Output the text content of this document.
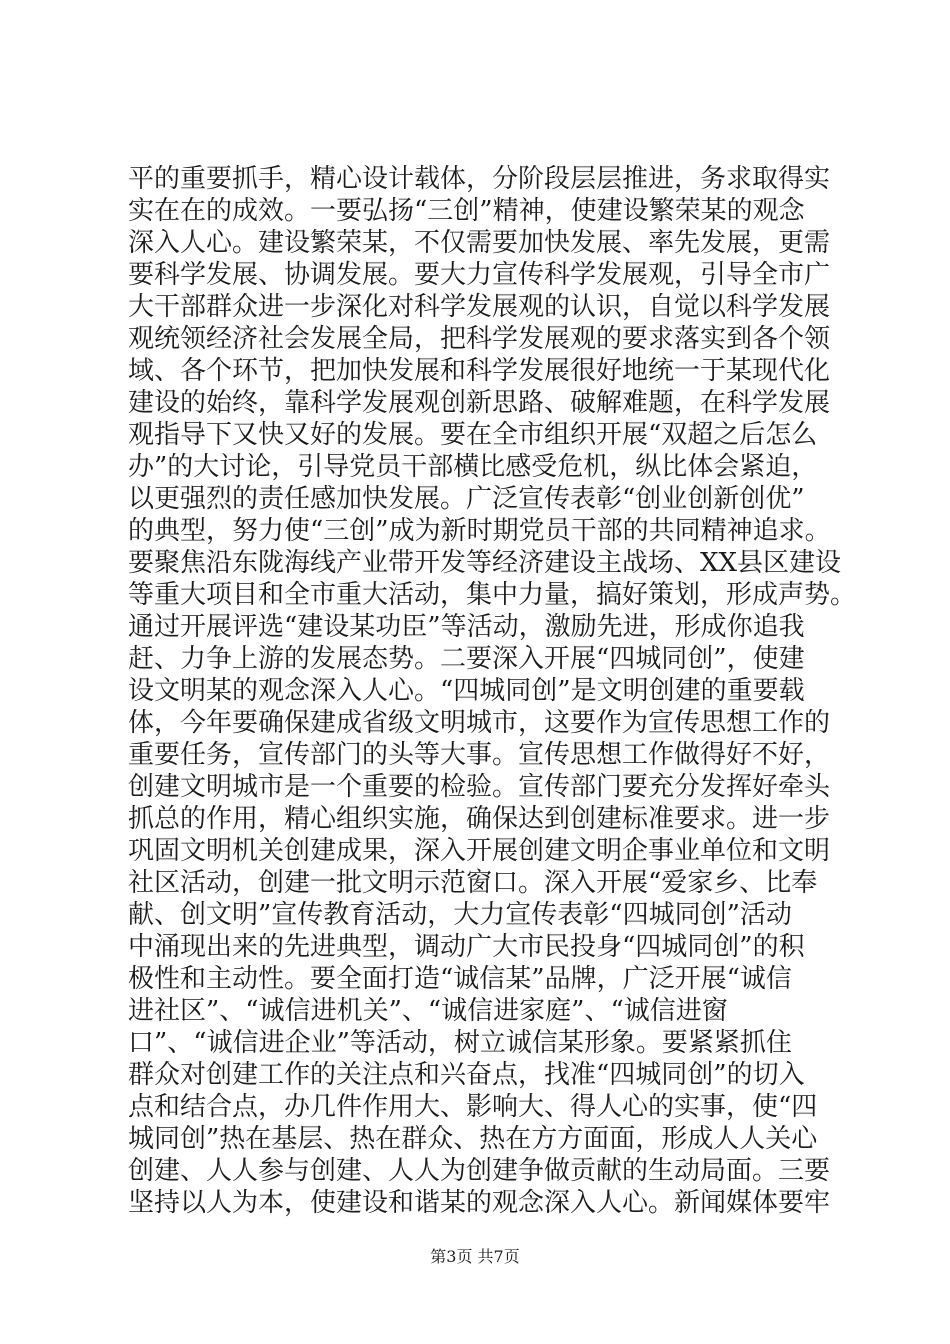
平的重要抓手，精心设计载体，分阶段层层推进，务求取得实
实在在的成效。一要弘扬“三创”精神，使建设繁荣某的观念
深入人心。建设繁荣某，不仅需要加快发展、率先发展，更需
要科学发展、协调发展。要大力宣传科学发展观，引导全市广
大干部群众进一步深化对科学发展观的认识，自觉以科学发展
观统领经济社会发展全局，把科学发展观的要求落实到各个领
域、各个环节，把加快发展和科学发展很好地统一于某现代化
建设的始终，靠科学发展观创新思路、破解难题，在科学发展
观指导下又快又好的发展。要在全市组织开展“双超之后怎么
办”的大讨论，引导党员干部横比感受危机，纵比体会紧迫，
以更强烈的责任感加快发展。广泛宣传表彰“创业创新创优”
的典型，努力使“三创”成为新时期党员干部的共同精神追求。
要聚焦沿东陇海线产业带开发等经济建设主战场、XX县区建设
等重大项目和全市重大活动，集中力量，搞好策划，形成声势。
通过开展评选“建设某功臣”等活动，激励先进，形成你追我
赶、力争上游的发展态势。二要深入开展“四城同创”，使建
设文明某的观念深入人心。“四城同创”是文明创建的重要载
体，今年要确保建成省级文明城市，这要作为宣传思想工作的
重要任务，宣传部门的头等大事。宣传思想工作做得好不好，
创建文明城市是一个重要的检验。宣传部门要充分发挥好牵头
抓总的作用，精心组织实施，确保达到创建标准要求。进一步
巩固文明机关创建成果，深入开展创建文明企事业单位和文明
社区活动，创建一批文明示范窗口。深入开展“爱家乡、比奉
献、创文明”宣传教育活动，大力宣传表彰“四城同创”活动
中涌现出来的先进典型，调动广大市民投身“四城同创”的积
极性和主动性。要全面打造“诚信某”品牌，广泛开展“诚信
进社区”、“诚信进机关”、“诚信进家庭”、“诚信进窗
口”、“诚信进企业”等活动，树立诚信某形象。要紧紧抓住
群众对创建工作的关注点和兴奋点，找准“四城同创”的切入
点和结合点，办几件作用大、影响大、得人心的实事，使“四
城同创”热在基层、热在群众、热在方方面面，形成人人关心
创建、人人参与创建、人人为创建争做贡献的生动局面。三要
坚持以人为本，使建设和谐某的观念深入人心。新闻媒体要牢
第3页 共7页
